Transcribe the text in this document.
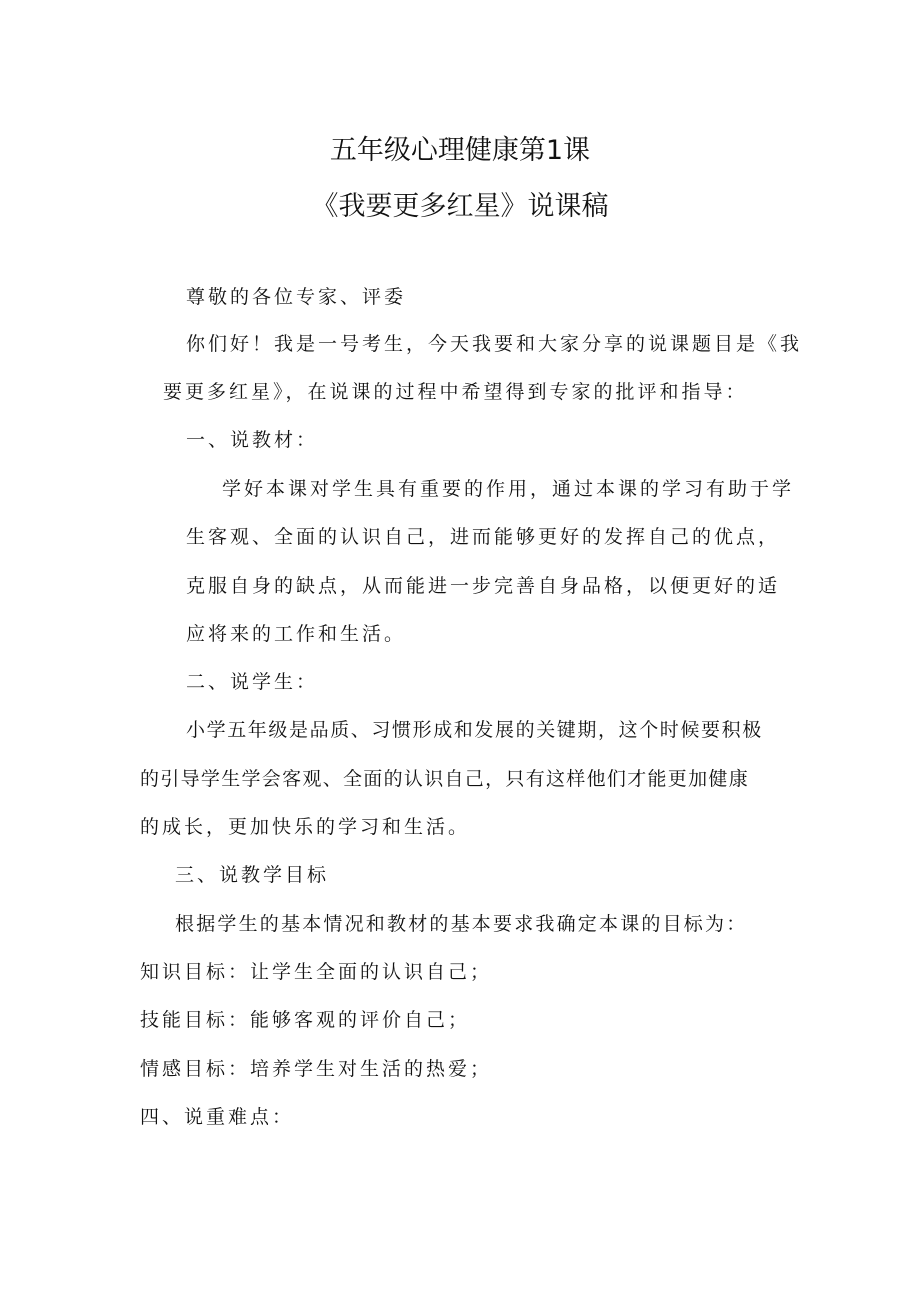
五年级心理健康第1课
《我要更多红星》说课稿
尊敬的各位专家、评委
你们好！我是一号考生，今天我要和大家分享的说课题目是《我
要更多红星》，在说课的过程中希望得到专家的批评和指导：
一、说教材：
学好本课对学生具有重要的作用，通过本课的学习有助于学
生客观、全面的认识自己，进而能够更好的发挥自己的优点，
克服自身的缺点，从而能进一步完善自身品格，以便更好的适
应将来的工作和生活。
二、说学生：
小学五年级是品质、习惯形成和发展的关键期，这个时候要积极
的引导学生学会客观、全面的认识自己，只有这样他们才能更加健康
的成长，更加快乐的学习和生活。
三、说教学目标
根据学生的基本情况和教材的基本要求我确定本课的目标为：
知识目标：让学生全面的认识自己；
技能目标：能够客观的评价自己；
情感目标：培养学生对生活的热爱；
四、说重难点：
